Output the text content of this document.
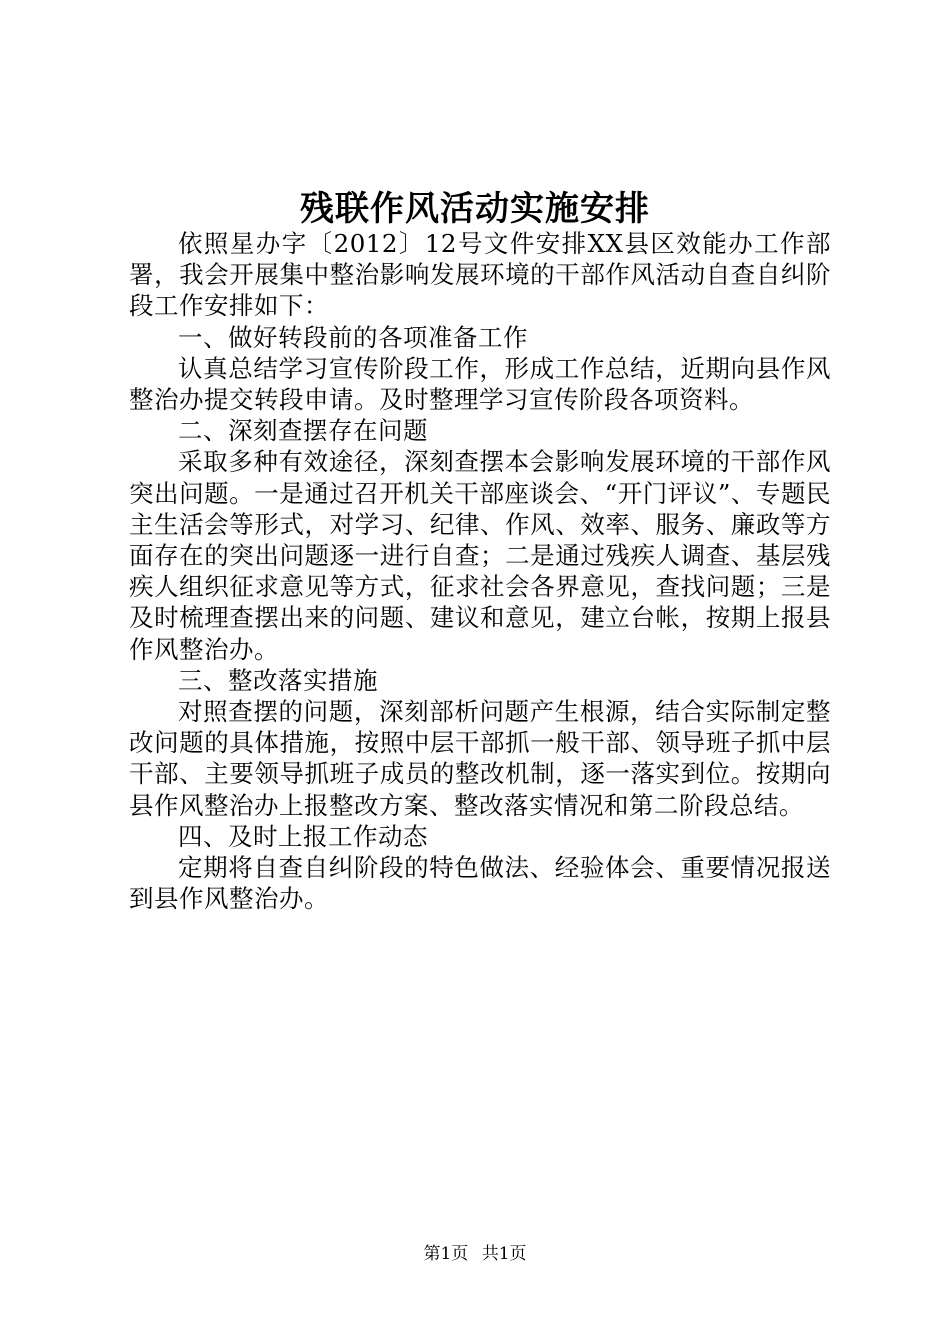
残联作风活动实施安排

依照星办字〔2012〕12号文件安排XX县区效能办工作部署，我会开展集中整治影响发展环境的干部作风活动自查自纠阶段工作安排如下：

一、做好转段前的各项准备工作

认真总结学习宣传阶段工作，形成工作总结，近期向县作风整治办提交转段申请。及时整理学习宣传阶段各项资料。

二、深刻查摆存在问题

采取多种有效途径，深刻查摆本会影响发展环境的干部作风突出问题。一是通过召开机关干部座谈会、“开门评议”、专题民主生活会等形式，对学习、纪律、作风、效率、服务、廉政等方面存在的突出问题逐一进行自查；二是通过残疾人调查、基层残疾人组织征求意见等方式，征求社会各界意见，查找问题；三是及时梳理查摆出来的问题、建议和意见，建立台帐，按期上报县作风整治办。

三、整改落实措施

对照查摆的问题，深刻部析问题产生根源，结合实际制定整改问题的具体措施，按照中层干部抓一般干部、领导班子抓中层干部、主要领导抓班子成员的整改机制，逐一落实到位。按期向县作风整治办上报整改方案、整改落实情况和第二阶段总结。

四、及时上报工作动态

定期将自查自纠阶段的特色做法、经验体会、重要情况报送到县作风整治办。

第1页 共1页
